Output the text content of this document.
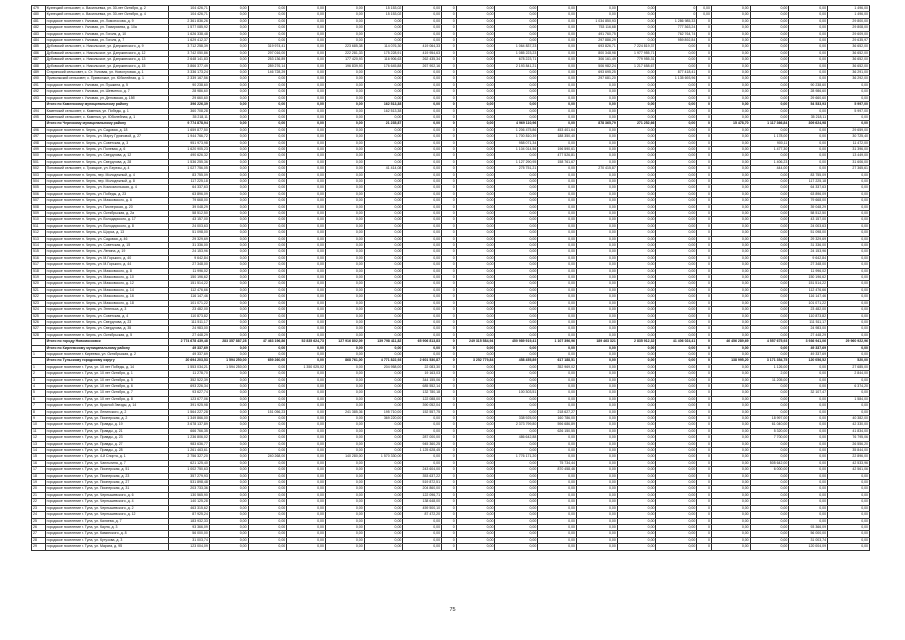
479	Кузнецкий сельсовет, с. Васильевка, ул. 30-лет Октября, д. 2	104 426,71	0,00	0,00	0,00	0,00	15 153,02	0,00	0	0,00	0,00	0,00	0,00	0,00	0	0,00	0,00	0,00	0,00	1 496,00
480	Кузнецкий сельсовет, с. Васильевка, ул. 30-лет Октября, д. 4	104 426,71	0,00	0,00	0,00	0,00	15 153,02	0,00	0	0,00	0,00	0,00	0,00	0,00	0	0,00	0,00	0,00	0,00	1 496,00
481	городское поселение г. Узловая, ул. Ломоносова, д. 9	2 361 836,26	0,00	0,00	0,00	0,00	0,00	0,00	0	0,00	0,00	0,00	1 034 850,93	0,00	1 286 985,33	0	0,00	0,00	0,00	29 800,00
482	городское поселение г. Узловая, ул. Тимирязева, д. 10а	1 577 085,92	0,00	0,00	0,00	0,00	0,00	0,00	0	0,00	0,00	0,00	753 116,68	0,00	777 363,24	0	0,00	0,00	0,00	29 808,00
483	городское поселение г. Узловая, ул. Гоголя, д. 10	1 626 338,48	0,00	0,00	0,00	0,00	0,00	0,00	0	0,00	0,00	0,00	491 760,75	0,00	762 764,74	0	0,00	0,00	0,00	29 609,00
484	городское поселение г. Узловая, ул. Гоголя, д. 7	1 629 412,37	0,00	0,00	0,00	0,00	0,00	0,00	0	0,00	0,00	0,00	297 886,29	0,00	959 892,84	0	0,00	0,00	0,00	29 635,97
485	Дубовский сельсовет, с. Никольское, ул. Дзержинского, д. 9	3 712 258,39	0,00	319 974,41	0,00	223 685,38	114 076,30	419 064,33	0	0,00	1 064 837,23	0,00	693 826,71	7 224 819,37	0,00	0	0,00	0,00	0,00	36 652,00
486	Дубовский сельсовет, с. Никольское, ул. Дзержинского, д. 12	3 742 050,86	0,00	297 016,00	0,00	222 281,33	175 228,91	419 954,63	0	0,00	1 085 223,23	0,00	800 348,98	1 977 955,71	0,00	0	0,00	0,00	0,00	36 652,00
487	Дубовский сельсовет, с. Никольское, ул. Дзержинского, д. 13	2 648 141,83	0,00	253 136,89	0,00	177 420,93	116 906,63	262 435,34	0	0,00	678 223,71	0,00	306 161,49	779 955,31	0,00	0	0,00	0,00	0,00	36 652,00
488	Дубовский сельсовет, с. Никольское, ул. Дзержинского, д. 15	3 866 377,49	0,00	289 276,14	0,00	196 839,93	176 645,88	267 902,16	0	0,00	2 193 841,21	0,00	506 982,24	1 217 658,67	0,00	0	0,00	0,00	0,00	36 652,00
489	Старинский сельсовет, с. Ст. Узловая, ул. Новолуговая, д. 1	3 336 173,24	0,00	146 728,29	0,00	0,00	0,00	0,00	0	0,00	0,00	0,00	693 695,25	0,00	877 418,41	0	0,00	0,00	0,00	36 291,00
490	Приволжский сельсовет, с. Приволжье, ул. Юбилейная, д. 1	2 339 167,56	0,00	0,00	0,00	0,00	0,00	0,00	0	0,00	0,00	0,00	297 681,20	0,00	1 135 693,96	0	0,00	0,00	0,00	36 292,00
491	городское поселение г. Узловая, ул. Пушкина, д. 5	90 238,60	0,00	0,00	0,00	0,00	0,00	0,00	0	0,00	0,00	0,00	0,00	0,00	0,00	0	0,00	0,00	90 238,60	0,00
492	городское поселение г. Узловая, ул. Шевченко, д. 7	28 986,60	0,00	0,00	0,00	0,00	0,00	0,00	0	0,00	0,00	0,00	0,00	0,00	0,00	0	0,00	0,00	28 986,60	0,00
493	городское поселение г. Узловая, ул. Деповская, д. 15б	29 660,60	0,00	0,00	0,00	0,00	0,00	0,00	0	0,00	0,00	0,00	0,00	0,00	0,00	0	0,00	0,00	29 660,60	0,00
	Итого по Каменскому муниципальному району	396 226,39	0,00	0,00	0,00	0,00	162 513,38	0,00	0	0,00	0,00	0,00	0,00	0,00	0,00	0	0,00	0,00	54 533,93	5 997,00
494	Каменский сельсовет, с. Каменка, ул. Победы, д. 1	360 708,28	0,00	0,00	0,00	0,00	162 513,38	0,00	0	0,00	0,00	0,00	0,00	0,00	0,00	0	0,00	0,00	0,00	5 997,00
495	Каменский сельсовет, с. Каменка, ул. Юбилейная, д. 1	35 218,11	0,00	0,00	0,00	0,00	0,00	0,00	0	0,00	0,00	0,00	0,00	0,00	0,00	0	0,00	0,00	35 218,11	0,00
	Итого по Чернскому муниципальному району	9 774 878,94	0,00	0,00	0,00	0,00	21 235,87	0,00	0	0,00	4 969 110,96	0,00	878 365,79	271 252,66	0,00	0	15 478,70	1 117 366,84	309 624,98	0,00
496	городское поселение п. Чернь, ул. Садовая, д. 18	1 659 877,50	0,00	0,00	0,00	0,00	0,00	0,00	0	0,00	1 206 475,86	453 401,64	0,00	0,00	0,00	0	0,00	0,00	0,00	29 659,00
497	городское поселение п. Чернь, ул. Маргу Гуриновой, д. 27	1 944 766,72	0,00	0,00	0,00	0,00	0,00	0,00	0	0,00	1 700 810,39	188 350,40	0,00	0,00	0,00	0	0,00	1 178,00	0,00	30 725,40
498	городское поселение п. Чернь, ул. Советская, д. 3	951 973,98	0,00	0,00	0,00	0,00	0,00	0,00	0	0,00	958 071,34	0,00	0,00	0,00	0,00	0	0,00	900,11	0,00	11 472,00
499	городское поселение п. Чернь, ул. Полевая, д. 6	1 620 905,23	0,00	0,00	0,00	0,00	0,00	0,00	0	0,00	1 104 014,56	196 590,61	0,00	0,00	0,00	0	0,00	1 477,30	0,00	31 396,00
500	городское поселение п. Чернь, ул. Свердлова, д. 12	490 626,32	0,00	0,00	0,00	0,00	0,00	0,00	0	0,00	0,00	477 526,81	0,00	0,00	0,00	0	0,00	0,00	0,00	13 449,00
501	городское поселение п. Чернь, ул. Свердлова, д. 28	1 536 255,36	0,00	0,00	0,00	0,00	0,00	0,00	0	0,00	1 127 290,95	158 761,67	0,00	0,00	0,00	0	0,00	1 406,23	0,00	31 606,00
502	Поповский сельсовет, с. Троицкое, ул. Березы, д. 4	1 027 756,05	0,00	0,00	0,00	0,00	41 414,08	0,00	0	0,00	275 751,21	0,00	270 415,87	0,00	0,00	0	0,00	444,00	0,00	27 365,61
503	городское поселение п. Чернь, пер. Молодежный, д. 4	83 755,09	0,00	0,00	0,00	0,00	0,00	0,00	0	0,00	0,00	0,00	0,00	0,00	0,00	0	0,00	0,00	83 755,09	0,00
504	городское поселение п. Чернь, пер. Молодежный, д. 8	117 225,18	0,00	0,00	0,00	0,00	0,00	0,00	0	0,00	0,00	0,00	0,00	0,00	0,00	0	0,00	0,00	117 225,18	0,00
505	городское поселение п. Чернь, ул. Комсомольская, д. 4	64 337,63	0,00	0,00	0,00	0,00	0,00	0,00	0	0,00	0,00	0,00	0,00	0,00	0,00	0	0,00	0,00	64 337,63	0,00
506	городское поселение п. Чернь, ул. Победы, д. 23	63 896,09	0,00	0,00	0,00	0,00	0,00	0,00	0	0,00	0,00	0,00	0,00	0,00	0,00	0	0,00	0,00	63 896,09	0,00
507	городское поселение п. Чернь, ул. Маяковского, д. 6	79 668,00	0,00	0,00	0,00	0,00	0,00	0,00	0	0,00	0,00	0,00	0,00	0,00	0,00	0	0,00	0,00	79 668,00	0,00
508	городское поселение п. Чернь, ул. Пионерская, д. 20	39 048,29	0,00	0,00	0,00	0,00	0,00	0,00	0	0,00	0,00	0,00	0,00	0,00	0,00	0	0,00	0,00	39 048,29	0,00
509	городское поселение п. Чернь, ул. Октябрьская, д. 2а	58 512,50	0,00	0,00	0,00	0,00	0,00	0,00	0	0,00	0,00	0,00	0,00	0,00	0,00	0	0,00	0,00	58 512,50	0,00
510	городское поселение п. Чернь, ул. Володарского, д. 17	43 157,00	0,00	0,00	0,00	0,00	0,00	0,00	0	0,00	0,00	0,00	0,00	0,00	0,00	0	0,00	0,00	43 157,00	0,00
511	городское поселение п. Чернь, ул. Володарского, д. 8	24 003,63	0,00	0,00	0,00	0,00	0,00	0,00	0	0,00	0,00	0,00	0,00	0,00	0,00	0	0,00	0,00	24 003,63	0,00
512	городское поселение п. Чернь, ул. Щорса, д. 13	51 098,00	0,00	0,00	0,00	0,00	0,00	0,00	0	0,00	0,00	0,00	0,00	0,00	0,00	0	0,00	0,00	51 098,00	0,00
513	городское поселение п. Чернь, ул. Садовая, д. 46	29 329,69	0,00	0,00	0,00	0,00	0,00	0,00	0	0,00	0,00	0,00	0,00	0,00	0,00	0	0,00	0,00	29 329,69	0,00
514	городское поселение п. Чернь, ул. Советская, д. 15	31 336,00	0,00	0,00	0,00	0,00	0,00	0,00	0	0,00	0,00	0,00	0,00	0,00	0,00	0	0,00	0,00	31 336,00	0,00
515	городское поселение п. Чернь, ул. Ленина, д. 19	24 153,96	0,00	0,00	0,00	0,00	0,00	0,00	0	0,00	0,00	0,00	0,00	0,00	0,00	0	0,00	0,00	24 153,96	0,00
516	городское поселение п. Чернь, ул. М.Горького, д. 40	9 642,84	0,00	0,00	0,00	0,00	0,00	0,00	0	0,00	0,00	0,00	0,00	0,00	0,00	0	0,00	0,00	9 642,84	0,00
517	городское поселение п. Чернь, ул. М.Горького, д. 44	27 348,00	0,00	0,00	0,00	0,00	0,00	0,00	0	0,00	0,00	0,00	0,00	0,00	0,00	0	0,00	0,00	27 348,00	0,00
518	городское поселение п. Чернь, ул. Маяковского, д. 8	11 996,02	0,00	0,00	0,00	0,00	0,00	0,00	0	0,00	0,00	0,00	0,00	0,00	0,00	0	0,00	0,00	11 996,02	0,00
519	городское поселение п. Чернь, ул. Маяковского, д. 10	150 196,62	0,00	0,00	0,00	0,00	0,00	0,00	0	0,00	0,00	0,00	0,00	0,00	0,00	0	0,00	0,00	150 196,62	0,00
520	городское поселение п. Чернь, ул. Маяковского, д. 12	151 514,22	0,00	0,00	0,00	0,00	0,00	0,00	0	0,00	0,00	0,00	0,00	0,00	0,00	0	0,00	0,00	151 514,22	0,00
521	городское поселение п. Чернь, ул. Маяковского, д. 14	112 476,66	0,00	0,00	0,00	0,00	0,00	0,00	0	0,00	0,00	0,00	0,00	0,00	0,00	0	0,00	0,00	112 476,66	0,00
522	городское поселение п. Чернь, ул. Маяковского, д. 16	116 147,46	0,00	0,00	0,00	0,00	0,00	0,00	0	0,00	0,00	0,00	0,00	0,00	0,00	0	0,00	0,00	116 147,46	0,00
523	городское поселение п. Чернь, ул. Маяковского, д. 18	101 071,22	0,00	0,00	0,00	0,00	0,00	0,00	0	0,00	0,00	0,00	0,00	0,00	0,00	0	0,00	0,00	101 071,22	0,00
524	городское поселение п. Чернь, ул. Энгельса, д. 3	23 482,00	0,00	0,00	0,00	0,00	0,00	0,00	0	0,00	0,00	0,00	0,00	0,00	0,00	0	0,00	0,00	23 482,00	0,00
525	городское поселение п. Чернь, ул. Советская, д. 4	110 873,82	0,00	0,00	0,00	0,00	0,00	0,00	0	0,00	0,00	0,00	0,00	0,00	0,00	0	0,00	0,00	110 873,82	0,00
526	городское поселение п. Чернь, ул. Свердлова, д. 23	111 511,17	0,00	0,00	0,00	0,00	0,00	0,00	0	0,00	0,00	0,00	0,00	0,00	0,00	0	0,00	0,00	111 511,17	0,00
527	городское поселение п. Чернь, ул. Свердлова, д. 35	24 983,00	0,00	0,00	0,00	0,00	0,00	0,00	0	0,00	0,00	0,00	0,00	0,00	0,00	0	0,00	0,00	24 983,00	0,00
528	городское поселение п. Чернь, ул. Октябрьская, д. 5	27 448,29	0,00	0,00	0,00	0,00	0,00	0,00	0	0,00	0,00	0,00	0,00	0,00	0,00	0	0,00	0,00	27 448,29	0,00
	Итого по городу Новомосковск	2 774 678 439,48	283 357 887,28	47 463 196,86	52 835 624,73	127 916 802,09	139 798 411,82	65 906 813,83	0	249 315 584,94	450 989 919,41	1 107 396,96	189 463 321	2 835 912,32	41 406 024,41	0	46 456 289,69	4 557 675,93	3 936 941,06	29 960 922,96
	Итого по Киреевскому муниципальному району	49 337,69	0,00	0,00	0,00	0,00	0,00	0,00	0	0,00	0,00	0,00	0,00	0,00	0,00	0	0,00	0,00	49 337,69	0,00
1	городское поселение г. Киреевск, ул. Октябрьская, д. 2	49 337,69	0,00	0,00	0,00	0,00	0,00	0,00	0	0,00	0,00	0,00	0,00	0,00	0,00	0	0,00	0,00	49 337,69	0,00
	Итого по Тульскому городскому округу	20 694 203,53	1 594 250,00	659 260,00	0,00	868 761,00	4 771 822,93	2 601 530,87	0	3 252 779,84	458 455,89	617 188,51	0,00	0,00	0,00	0	138 995,20	3 171 354,75	120 056,52	520,00
1	городское поселение г. Тула, ул. 10 лет Победы, д. 14	1 553 034,21	1 594 250,00	0,00	1 350 025,02	0,00	204 958,00	22 083,30	0	0,00	0,00	352 969,02	0,00	0,00	0,00	0	0,00	1 126,00	0,00	27 685,00
2	городское поселение г. Тула, ул. 10 лет Октября, д. 1	11 278,70	0,00	0,00	0,00	0,00	0,00	19 163,03	0	0,00	0,00	0,00	0,00	0,00	0,00	0	0,00	2,00	0,00	2 844,00
3	городское поселение г. Тула, ул. 10 лет Октября, д. 5	352 522,39	0,00	0,00	0,00	0,00	0,00	344 155,06	0	0,00	0,00	0,00	0,00	0,00	0,00	0	0,00	11 205,00	0,00	0,00
4	городское поселение г. Тула, ул. 10 лет Октября, д. 6	693 226,34	0,00	0,00	0,00	0,00	0,00	685 552,14	0	0,00	0,00	0,00	0,00	0,00	0,00	0	0,00	0,00	0,00	6 374,20
5	городское поселение г. Тула, ул. 10 лет Октября, д. 7	93 627,74	0,00	0,00	0,00	0,00	0,00	132 780,18	0	0,00	100 303,51	0,00	0,00	0,00	0,00	0	0,00	0,00	32 107,47	0,00
6	городское поселение г. Тула, ул. 10 лет Октября, д. 8	123 677,06	0,00	0,00	0,00	0,00	0,00	122 088,00	0	0,00	0,00	0,00	0,00	0,00	0,00	0	0,00	0,00	0,00	1 584,00
7	городское поселение г. Тула, ул. Красной Звезды, д. 14	391 925,98	0,00	0,00	0,00	0,00	0,00	390 052,04	0	0,00	0,00	0,00	0,00	0,00	0,00	0	0,00	0,00	0,00	0,00
8	городское поселение г. Тула, ул. Ленинского, д. 2	1 564 227,28	0,00	151 056,23	0,00	241 385,36	195 710,00	152 557,75	0	0,00	0,00	218 627,27	0,00	0,00	0,00	0	0,00	0,00	0,00	0,00
9	городское поселение г. Тула, ул. Пионерская, д. 2	1 349 866,00	0,00	0,00	0,00	0,00	369 220,00	0,00	0	0,00	338 925,00	160 786,00	0,00	0,00	0,00	0	0,00	18 997,00	0,00	40 382,00
10	городское поселение г. Тула, ул. Правды, д. 19	3 678 137,89	0,00	0,00	0,00	0,00	0,00	0,00	0	0,00	2 373 799,80	596 686,89	0,00	0,00	0,00	0	0,00	61 040,00	0,00	42 330,00
11	городское поселение г. Тула, ул. Правды, д. 21	666 766,35	0,00	0,00	0,00	0,00	0,00	0,00	0	0,00	0,00	626 150,55	0,00	0,00	0,00	0	0,00	5 320,00	0,00	41 834,00
12	городское поселение г. Тула, ул. Правды, д. 23	1 236 806,02	0,00	0,00	0,00	0,00	0,00	287 000,00	0	0,00	486 642,88	0,00	0,00	0,00	0,00	0	0,00	7 700,00	0,00	76 795,06
13	городское поселение г. Тула, ул. Правды, д. 27	983 636,77	0,00	0,00	0,00	0,00	0,00	945 360,25	0	0,00	0,00	0,00	0,00	0,00	0,00	0	0,00	0,00	0,00	26 556,20
14	городское поселение г. Тула, ул. Правды, д. 28	1 261 463,61	0,00	0,00	0,00	0,00	0,00	1 125 628,45	0	0,00	0,00	0,00	0,00	0,00	0,00	0	0,00	0,00	0,00	35 844,00
15	городское поселение г. Тула, ул. 4-й Спорта, д. 1	2 756 327,20	0,00	240 268,00	0,00	140 280,00	1 570 330,00	0,00	0	0,00	1 776 171,20	0,00	0,00	0,00	0,00	0	0,00	0,00	0,00	22 896,00
16	городское поселение г. Тула, ул. Чаплыгина, д. 7	621 125,40	0,00	0,00	0,00	0,00	0,00	0,00	0	0,00	0,00	75 734,44	0,00	0,00	0,00	0	0,00	505 642,00	0,00	42 533,96
17	городское поселение г. Тула, ул. Пионерская, д. 51	1 002 750,63	0,00	0,00	0,00	0,00	0,00	243 604,00	0	0,00	0,00	870 458,46	0,00	0,00	0,00	0	0,00	6 000,00	0,00	42 561,06
18	городское поселение г. Тула, ул. Пионерская, д. 23	357 279,93	0,00	0,00	0,00	0,00	0,00	353 637,22	0	0,00	0,00	0,00	0,00	0,00	0,00	0	0,00	0,00	0,00	0,00
19	городское поселение г. Тула, ул. Пионерская, д. 27	531 898,48	0,00	0,00	0,00	0,00	0,00	519 872,51	0	0,00	0,00	0,00	0,00	0,00	0,00	0	0,00	0,00	0,00	0,00
20	городское поселение г. Тула, ул. Пионерская, д. 31	203 733,36	0,00	0,00	0,00	0,00	0,00	204 860,00	0	0,00	0,00	0,00	0,00	0,00	0,00	0	0,00	0,00	0,00	0,00
21	городское поселение г. Тула, ул. Чернышевского, д. 6	130 565,90	0,00	0,00	0,00	0,00	0,00	122 096,71	0	0,00	0,00	0,00	0,00	0,00	0,00	0	0,00	0,00	0,00	0,00
22	городское поселение г. Тула, ул. Чернышевского, д. 4	140 125,28	0,00	0,00	0,00	0,00	0,00	138 648,00	0	0,00	0,00	0,00	0,00	0,00	0,00	0	0,00	0,00	0,00	0,00
23	городское поселение г. Тула, ул. Чернышевского, д. 2	463 315,62	0,00	0,00	0,00	0,00	0,00	459 500,10	0	0,00	0,00	0,00	0,00	0,00	0,00	0	0,00	0,00	0,00	0,00
24	городское поселение г. Тула, ул. Чернышевского, д. 12	87 925,24	0,00	0,00	0,00	0,00	0,00	87 472,20	0	0,00	0,00	0,00	0,00	0,00	0,00	0	0,00	0,00	0,00	0,00
25	городское поселение г. Тула, ул. Каляева, д. 7	183 932,33	0,00	0,00	0,00	0,00	0,00	0,00	0	0,00	0,00	0,00	0,00	0,00	0,00	0	0,00	0,00	0,00	0,00
26	городское поселение г. Тула, ул. Кауля, д. 3	93 366,09	0,00	0,00	0,00	0,00	0,00	0,00	0	0,00	0,00	0,00	0,00	0,00	0,00	0	0,00	0,00	93 366,09	0,00
27	городское поселение г. Тула, ул. Каминского, д. 8	56 000,00	0,00	0,00	0,00	0,00	0,00	0,00	0	0,00	0,00	0,00	0,00	0,00	0,00	0	0,00	0,00	56 000,00	0,00
28	городское поселение г. Тула, ул. Кутузова, д. 3	31 003,74	0,00	0,00	0,00	0,00	0,00	0,00	0	0,00	0,00	0,00	0,00	0,00	0,00	0	0,00	0,00	31 003,74	0,00
29	городское поселение г. Тула, ул. Марата, д. 95	123 004,09	0,00	0,00	0,00	0,00	0,00	0,00	0	0,00	0,00	0,00	0,00	0,00	0,00	0	0,00	0,00	120 004,09	0,00
75
